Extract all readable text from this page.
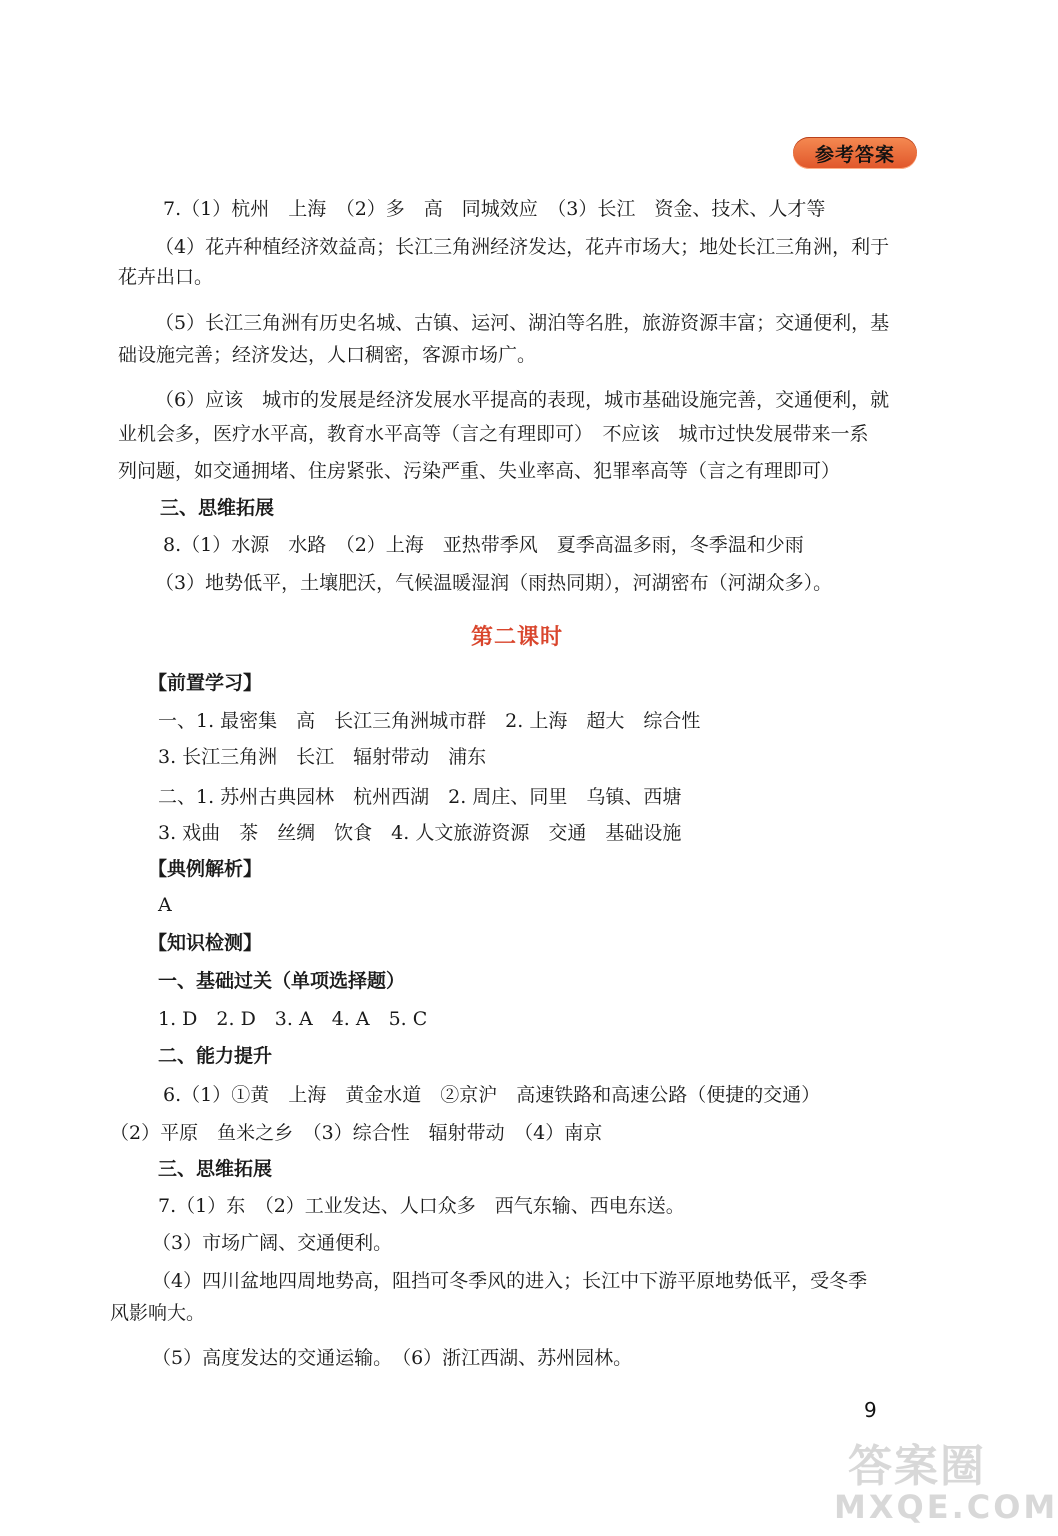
参考答案
7.（1）杭州　上海　（2）多　高　同城效应　（3）长江　资金、技术、人才等
（4）花卉种植经济效益高；长江三角洲经济发达，花卉市场大；地处长江三角洲，利于
花卉出口。
（5）长江三角洲有历史名城、古镇、运河、湖泊等名胜，旅游资源丰富；交通便利，基
础设施完善；经济发达，人口稠密，客源市场广。
（6）应该　城市的发展是经济发展水平提高的表现，城市基础设施完善，交通便利，就
业机会多，医疗水平高，教育水平高等（言之有理即可）　不应该　城市过快发展带来一系
列问题，如交通拥堵、住房紧张、污染严重、失业率高、犯罪率高等（言之有理即可）
三、思维拓展
8.（1）水源　水路　（2）上海　亚热带季风　夏季高温多雨，冬季温和少雨
（3）地势低平，土壤肥沃，气候温暖湿润（雨热同期），河湖密布（河湖众多）。
第二课时
【前置学习】
一、1. 最密集　高　长江三角洲城市群　2. 上海　超大　综合性
3. 长江三角洲　长江　辐射带动　浦东
二、1. 苏州古典园林　杭州西湖　2. 周庄、同里　乌镇、西塘
3. 戏曲　茶　丝绸　饮食　4. 人文旅游资源　交通　基础设施
【典例解析】
A
【知识检测】
一、基础过关（单项选择题）
1. D　2. D　3. A　4. A　5. C
二、能力提升
6.（1）①黄　上海　黄金水道　②京沪　高速铁路和高速公路（便捷的交通）
（2）平原　鱼米之乡　（3）综合性　辐射带动　（4）南京
三、思维拓展
7.（1）东　（2）工业发达、人口众多　西气东输、西电东送。
（3）市场广阔、交通便利。
（4）四川盆地四周地势高，阻挡可冬季风的进入；长江中下游平原地势低平，受冬季
风影响大。
（5）高度发达的交通运输。　（6）浙江西湖、苏州园林。
9
答案圈
MXQE.COM
